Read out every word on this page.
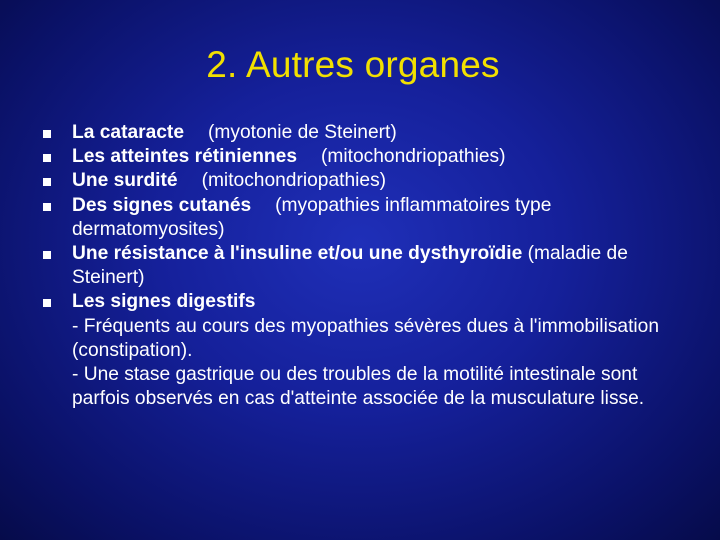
2. Autres organes
La cataracte (myotonie de Steinert)
Les atteintes rétiniennes (mitochondriopathies)
Une surdité (mitochondriopathies)
Des signes cutanés (myopathies inflammatoires type dermatomyosites)
Une résistance à l'insuline et/ou une dysthyroïdie (maladie de Steinert)
Les signes digestifs
- Fréquents au cours des myopathies sévères dues à l'immobilisation (constipation).
- Une stase gastrique ou des troubles de la motilité intestinale sont parfois observés en cas d'atteinte associée de la musculature lisse.
